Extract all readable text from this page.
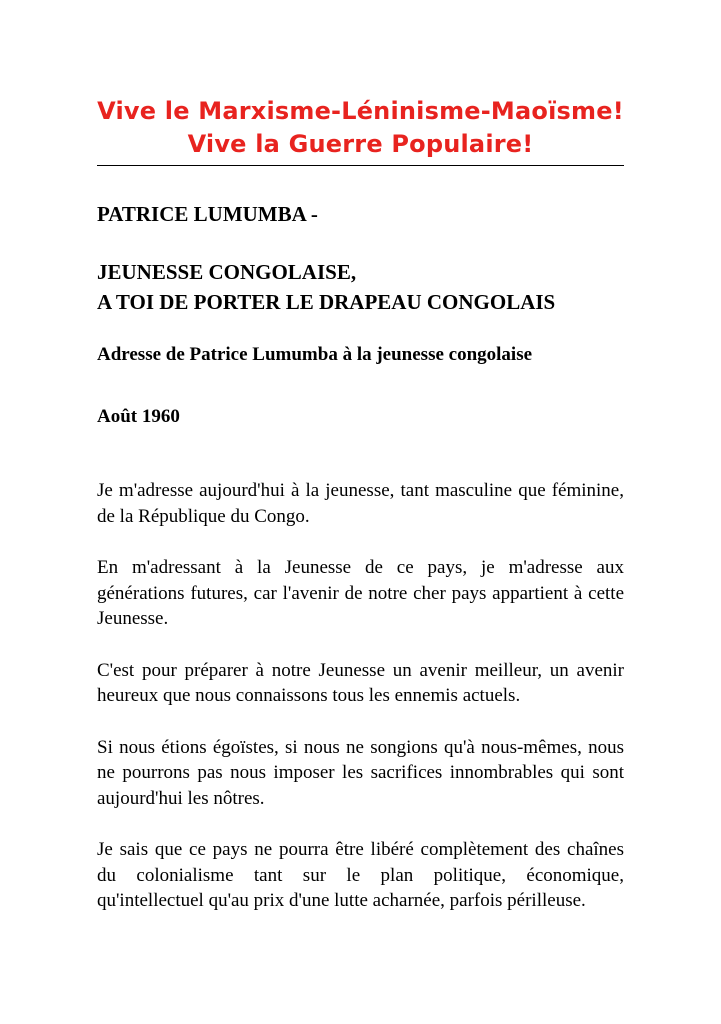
Vive le Marxisme-Léninisme-Maoïsme!
Vive la Guerre Populaire!
PATRICE LUMUMBA -
JEUNESSE CONGOLAISE,
A TOI DE PORTER LE DRAPEAU CONGOLAIS
Adresse de Patrice Lumumba à la jeunesse congolaise
Août 1960

Je m'adresse aujourd'hui à la jeunesse, tant masculine que féminine, de la République du Congo.

En m'adressant à la Jeunesse de ce pays, je m'adresse aux générations futures, car l'avenir de notre cher pays appartient à cette Jeunesse.

C'est pour préparer à notre Jeunesse un avenir meilleur, un avenir heureux que nous connaissons tous les ennemis actuels.

Si nous étions égoïstes, si nous ne songions qu'à nous-mêmes, nous ne pourrons pas nous imposer les sacrifices innombrables qui sont aujourd'hui les nôtres.

Je sais que ce pays ne pourra être libéré complètement des chaînes du colonialisme tant sur le plan politique, économique, qu'intellectuel qu'au prix d'une lutte acharnée, parfois périlleuse.
